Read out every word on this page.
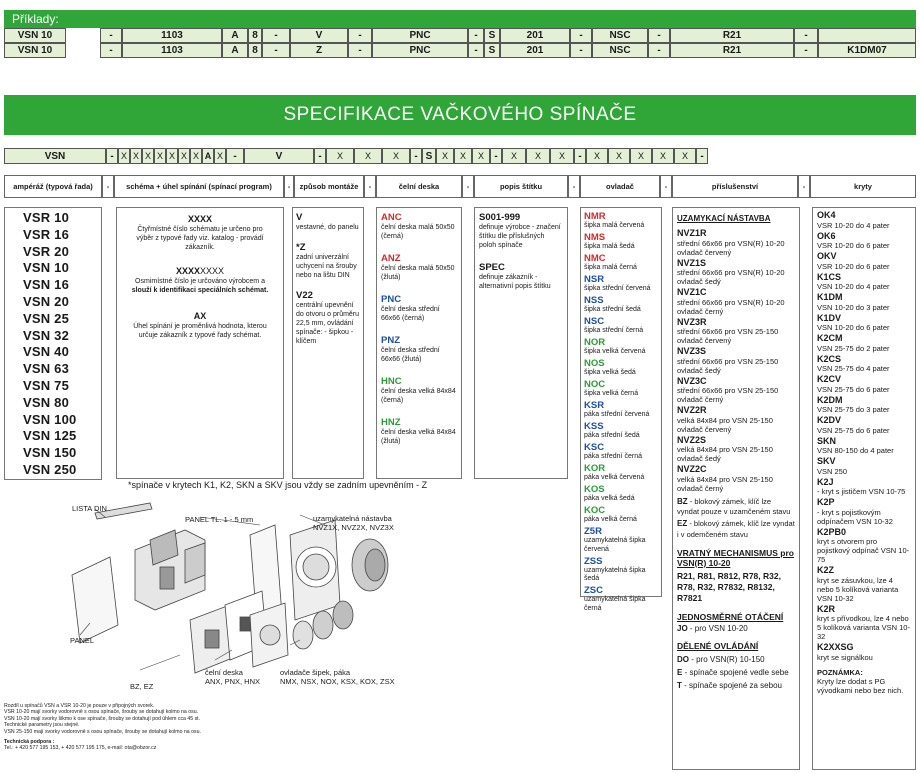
Příklady:
VSN 10	-	1103	A	8	-	V	-	PNC	-	S	201	-	NSC	-	R21	-
VSN 10	-	1103	A	8	-	Z	-	PNC	-	S	201	-	NSC	-	R21	-	K1DM07
SPECIFIKACE VAČKOVÉHO SPÍNAČE
VSN	- X X X X X X X A X	-	V	-	X	X	X	- S	X	X	X	-	X	X	X	-	X	X	X	X	X	-
ampéráž (typová řada)	-	schéma + úhel spínání (spínací program)	-	způsob montáže	-	čelní deska	-	popis štítku	-	ovladač	-	příslušenství	-	kryty
VSR 10
VSR 16
VSR 20
VSN 10
VSN 16
VSN 20
VSN 25
VSN 32
VSN 40
VSN 63
VSN 75
VSN 80
VSN 100
VSN 125
VSN 150
VSN 250
XXXX
Čtyřmístné číslo schématu je určeno pro výběr z typové řady viz. katalog - provádí zákazník.
XXXXXXXX
Osmimístné číslo je určováno výrobcem a slouží k identifikaci speciálních schémat.
AX
Úhel spínání je proměnlivá hodnota, kterou určuje zákazník z typové řady schémat.
V
vestavné, do panelu
*Z
zadní univerzální uchycení na šrouby nebo na lištu DIN
V22
centrální upevnění do otvoru o průměru 22,5 mm, ovládání spínače: - šipkou - klíčem
ANC
čelní deska malá 50x50 (černá)
ANZ
čelní deska malá 50x50 (žlutá)
PNC
čelní deska střední 66x66 (černá)
PNZ
čelní deska střední 66x66 (žlutá)
HNC
čelní deska velká 84x84 (černá)
HNZ
čelní deska velká 84x84 (žlutá)
S001-999
definuje výrobce - značení štítku dle příslušných poloh spínače
SPEC
definuje zákazník - alternativní popis štítku
NMR
šipka malá červená
NMS
šipka malá šedá
NMC
šipka malá černá
NSR
šipka střední červená
NSS
šipka střední šedá
NSC
šipka střední černá
NOR
šipka velká červená
NOS
šipka velká šedá
NOC
šipka velká černá
KSR
páka střední červená
KSS
páka střední šedá
KSC
páka střední černá
KOR
páka velká červená
KOS
páka velká šedá
KOC
páka velká černá
Z5R
uzamykatelná šipka červená
ZSS
uzamykatelná šipka šedá
ZSC
uzamykatelná šipka černá
UZAMYKACÍ NÁSTAVBA
NVZ1R
střední 66x66 pro VSN(R) 10-20 ovladač červený
NVZ1S
střední 66x66 pro VSN(R) 10-20 ovladač šedý
NVZ1C
střední 66x66 pro VSN(R) 10-20 ovladač černý
NVZ3R
střední 66x66 pro VSN 25-150 ovladač červený
NVZ3S
střední 66x66 pro VSN 25-150 ovladač šedý
NVZ3C
střední 66x66 pro VSN 25-150 ovladač černý
NVZ2R
velká 84x84 pro VSN 25-150 ovladač červený
NVZ2S
velká 84x84 pro VSN 25-150 ovladač šedý
NVZ2C
velká 84x84 pro VSN 25-150 ovladač černý
BZ - blokový zámek, klíč lze vyndat pouze v uzamčeném stavu
EZ - blokový zámek, klíč lze vyndat i v odemčeném stavu
VRATNÝ MECHANISMUS pro VSN(R) 10-20
R21, R81, R812, R78, R32, R78, R32, R7832, R8132, R7821
JEDNOSMĚRNÉ OTÁČENÍ
JO - pro VSN 10-20
DĚLENÉ OVLÁDÁNÍ
DO - pro VSN(R) 10-150
E - spínače spojené vedle sebe
T - spínače spojené za sebou
OK4
VSR 10-20 do 4 pater
OK6
VSR 10-20 do 6 pater
OKV
VSR 10-20 do 6 pater
K1CS
VSN 10-20 do 4 pater
K1DM
VSN 10-20 do 3 pater
K1DV
VSN 10-20 do 6 pater
K2CM
VSN 25-75 do 2 pater
K2CS
VSN 25-75 do 4 pater
K2CV
VSN 25-75 do 6 pater
K2DM
VSN 25-75 do 3 pater
K2DV
VSN 25-75 do 6 pater
SKN
VSN 80-150 do 4 pater
SKV
VSN 250
K2J
- kryt s jističem VSN 10-75
K2P
- kryt s pojistkovým odpínačem VSN 10-32
K2PB0
kryt s otvorem pro pojistkový odpínač VSN 10-75
K2Z
kryt se zásuvkou, lze 4 nebo 5 kolíková varianta VSN 10-32
K2R
kryt s přívodkou, lze 4 nebo 5 kolíková varianta VSN 10-32
K2XXSG
kryt se signálkou
POZNÁMKA:
Kryty lze dodat s PG vývodkami nebo bez nich.
*spínače v krytech K1, K2, SKN a SKV jsou vždy se zadním upevněním - Z
LISTA DIN
PANEL TL. 1 - 5 mm	uzamykatelná nástavba
NVZ1X, NVZ2X, NVZ3X
PANEL
BZ, EZ
čelní deska
ANX, PNX, HNX
ovladače šipek, páka
NMX, NSX, NOX, KSX, KOX, ZSX
Rozdíl u spínačů VSN a VSR 10-20 je pouze v připojných svorek.
VSR 10-20 mají svorky vodorovně s osou spínače, šrouby se dotahují kolmo na osu.
VSN 10-20 mají svorky šikmo k ose spínače, šrouby se dotahují pod úhlem cca 45 st.
Technické parametry jsou stejné.
VSN 25-150 mají svorky vodorovně s osou spínače, šrouby se dotahují kolmo na osu.
Technická podpora :
Tel.: + 420 577 195 153, + 420 577 195 175, e-mail: ota@obzor.cz
